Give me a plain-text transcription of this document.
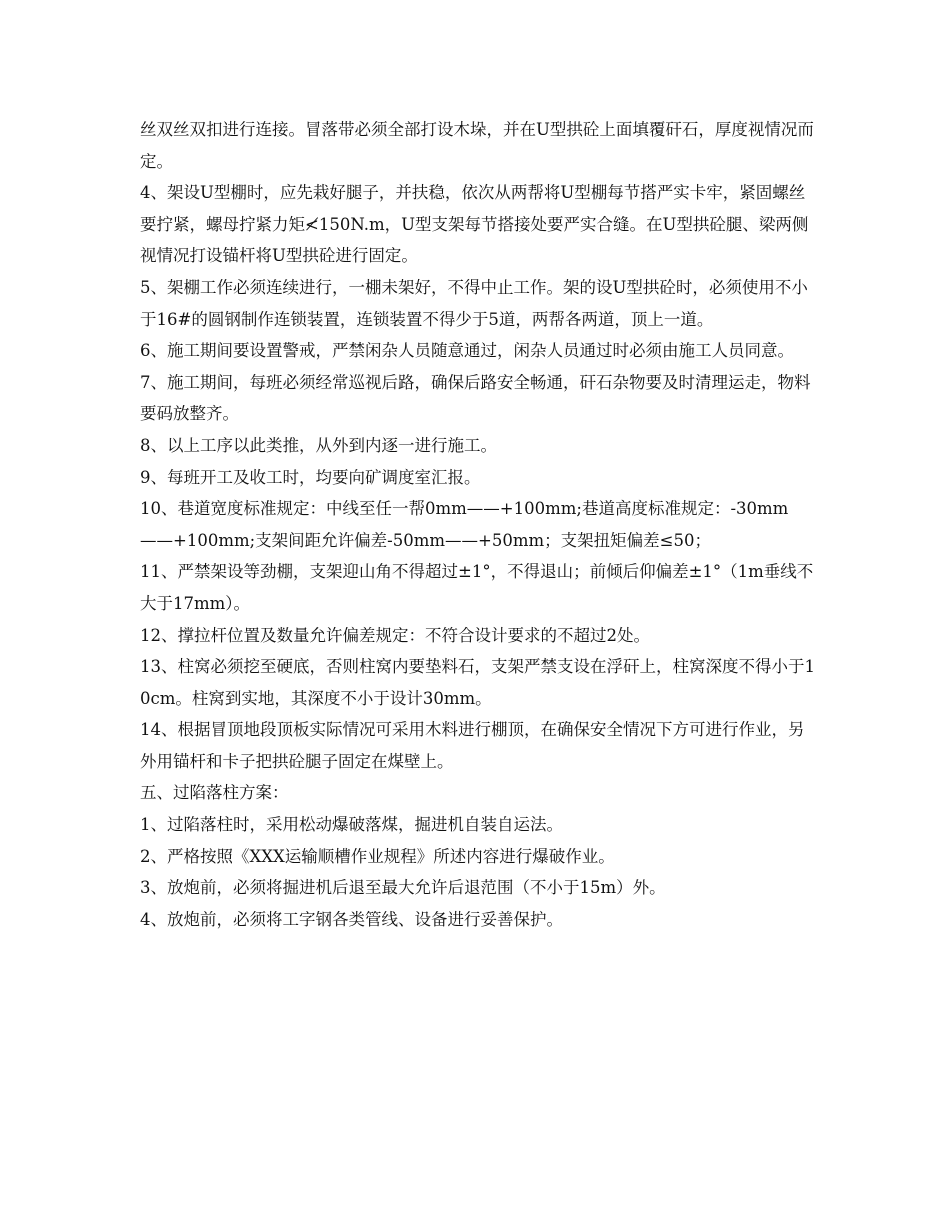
丝双丝双扣进行连接。冒落带必须全部打设木垛，并在U型拱砼上面填覆矸石，厚度视情况而定。

4、架设U型棚时，应先栽好腿子，并扶稳，依次从两帮将U型棚每节搭严实卡牢，紧固螺丝要拧紧，螺母拧紧力矩≮150N.m，U型支架每节搭接处要严实合缝。在U型拱砼腿、梁两侧视情况打设锚杆将U型拱砼进行固定。

5、架棚工作必须连续进行，一棚未架好，不得中止工作。架的设U型拱砼时，必须使用不小于16#的圆钢制作连锁装置，连锁装置不得少于5道，两帮各两道，顶上一道。

6、施工期间要设置警戒，严禁闲杂人员随意通过，闲杂人员通过时必须由施工人员同意。

7、施工期间，每班必须经常巡视后路，确保后路安全畅通，矸石杂物要及时清理运走，物料要码放整齐。

8、以上工序以此类推，从外到内逐一进行施工。

9、每班开工及收工时，均要向矿调度室汇报。

10、巷道宽度标准规定：中线至任一帮0mm——+100mm;巷道高度标准规定：-30mm——+100mm;支架间距允许偏差-50mm——+50mm；支架扭矩偏差≤50；

11、严禁架设等劲棚，支架迎山角不得超过±1°，不得退山；前倾后仰偏差±1°（1m垂线不大于17mm）。

12、撑拉杆位置及数量允许偏差规定：不符合设计要求的不超过2处。

13、柱窝必须挖至硬底，否则柱窝内要垫料石，支架严禁支设在浮矸上，柱窝深度不得小于10cm。柱窝到实地，其深度不小于设计30mm。

14、根据冒顶地段顶板实际情况可采用木料进行棚顶，在确保安全情况下方可进行作业，另外用锚杆和卡子把拱砼腿子固定在煤壁上。

五、过陷落柱方案：

1、过陷落柱时，采用松动爆破落煤，掘进机自装自运法。

2、严格按照《XXX运输顺槽作业规程》所述内容进行爆破作业。

3、放炮前，必须将掘进机后退至最大允许后退范围（不小于15m）外。

4、放炮前，必须将工字钢各类管线、设备进行妥善保护。
